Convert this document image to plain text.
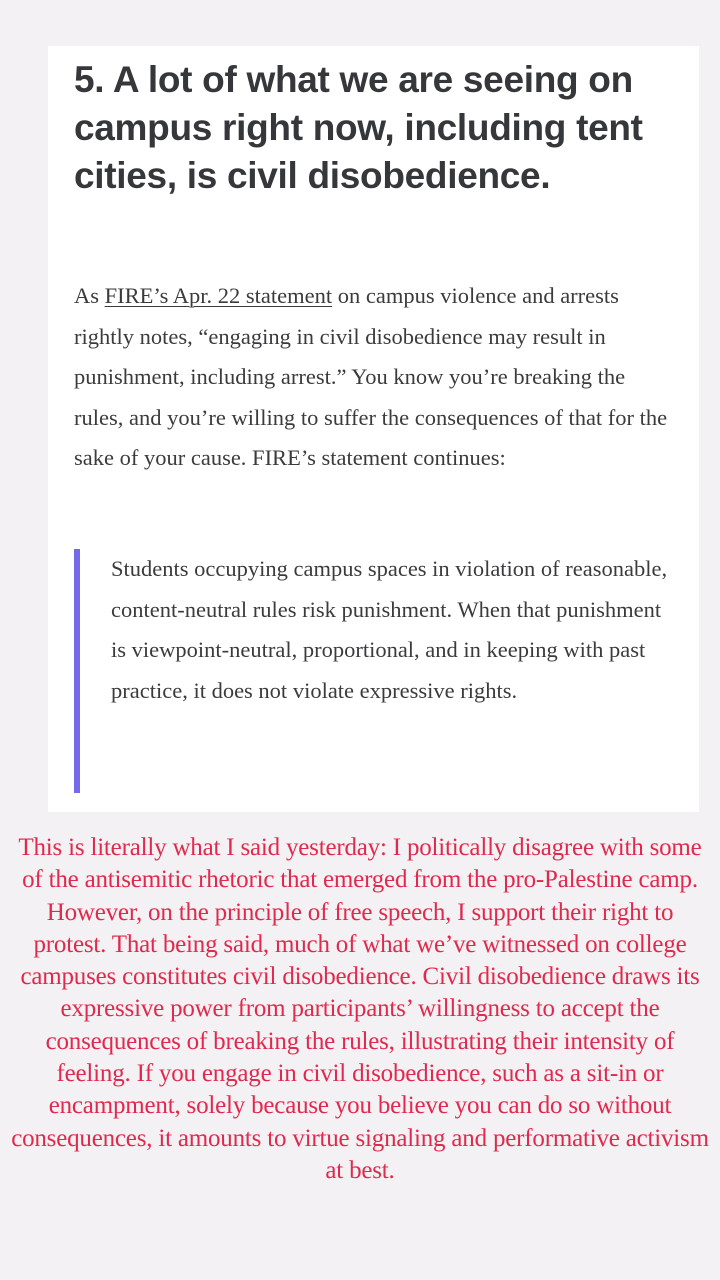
5. A lot of what we are seeing on campus right now, including tent cities, is civil disobedience.

As FIRE’s Apr. 22 statement on campus violence and arrests rightly notes, “engaging in civil disobedience may result in punishment, including arrest.” You know you’re breaking the rules, and you’re willing to suffer the consequences of that for the sake of your cause. FIRE’s statement continues:

Students occupying campus spaces in violation of reasonable, content-neutral rules risk punishment. When that punishment is viewpoint-neutral, proportional, and in keeping with past practice, it does not violate expressive rights.

This is literally what I said yesterday: I politically disagree with some of the antisemitic rhetoric that emerged from the pro-Palestine camp. However, on the principle of free speech, I support their right to protest. That being said, much of what we’ve witnessed on college campuses constitutes civil disobedience. Civil disobedience draws its expressive power from participants’ willingness to accept the consequences of breaking the rules, illustrating their intensity of feeling. If you engage in civil disobedience, such as a sit-in or encampment, solely because you believe you can do so without consequences, it amounts to virtue signaling and performative activism at best.
